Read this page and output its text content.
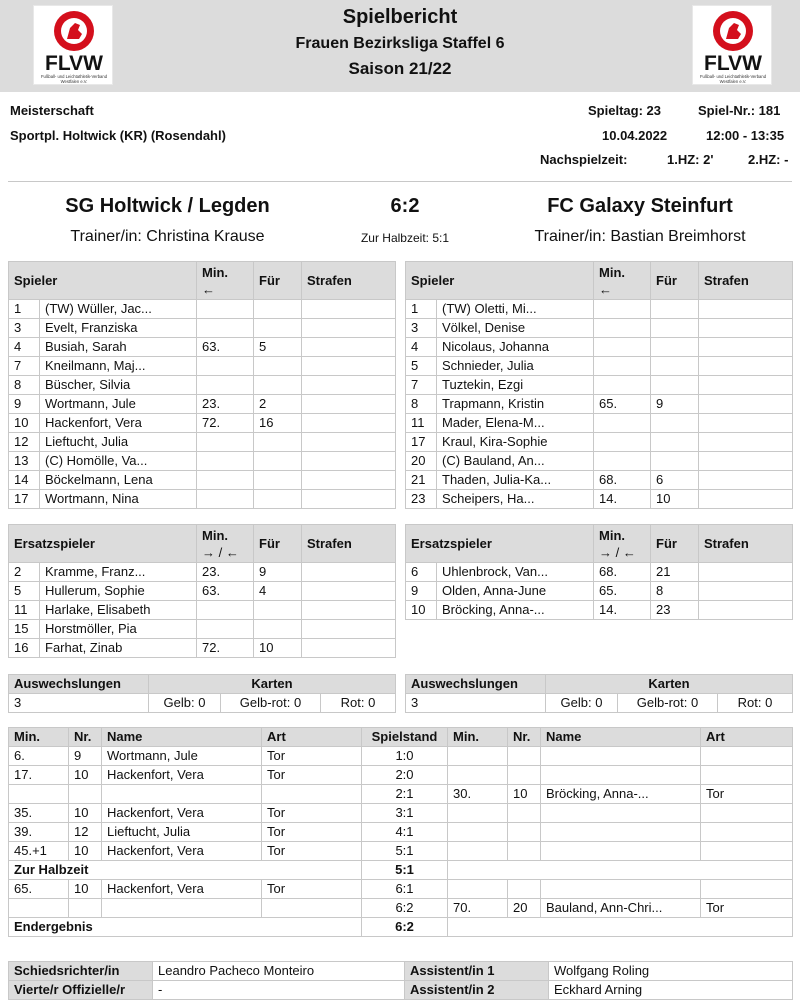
FLVW
Fußball- und Leichtathletik-Verband
Westfalen e.V.
FLVW
Fußball- und Leichtathletik-Verband
Westfalen e.V.
Spielbericht
Frauen Bezirksliga Staffel 6
Saison 21/22
Meisterschaft
Sportpl. Holtwick (KR) (Rosendahl)
Spieltag: 23	Spiel-Nr.: 181
10.04.2022	12:00 - 13:35
Nachspielzeit:	1.HZ: 2'	2.HZ: -
SG Holtwick / Legden	6:2	FC Galaxy Steinfurt
Trainer/in: Christina Krause	Zur Halbzeit: 5:1	Trainer/in: Bastian Breimhorst
Spieler		Min.
←	Für	Strafen
1	(TW) Wüller, Jac...			
3	Evelt, Franziska			
4	Busiah, Sarah	63.	5	
7	Kneilmann, Maj...			
8	Büscher, Silvia			
9	Wortmann, Jule	23.	2	
10	Hackenfort, Vera	72.	16	
12	Lieftucht, Julia			
13	(C) Homölle, Va...			
14	Böckelmann, Lena			
17	Wortmann, Nina			
Spieler		Min.
←	Für	Strafen
1	(TW) Oletti, Mi...			
3	Völkel, Denise			
4	Nicolaus, Johanna			
5	Schnieder, Julia			
7	Tuztekin, Ezgi			
8	Trapmann, Kristin	65.	9	
11	Mader, Elena-M...			
17	Kraul, Kira-Sophie			
20	(C) Bauland, An...			
21	Thaden, Julia-Ka...	68.	6	
23	Scheipers, Ha...	14.	10	
Ersatzspieler		Min.
→ / ←	Für	Strafen
2	Kramme, Franz...	23.	9	
5	Hullerum, Sophie	63.	4	
11	Harlake, Elisabeth			
15	Horstmöller, Pia			
16	Farhat, Zinab	72.	10	
Ersatzspieler		Min.
→ / ←	Für	Strafen
6	Uhlenbrock, Van...	68.	21	
9	Olden, Anna-June	65.	8	
10	Bröcking, Anna-...	14.	23	
Auswechslungen	Karten		
3	Gelb: 0	Gelb-rot: 0	Rot: 0
Auswechslungen	Karten		
3	Gelb: 0	Gelb-rot: 0	Rot: 0
Min.	Nr.	Name	Art	Spielstand	Min.	Nr.	Name	Art
6.	9	Wortmann, Jule	Tor	1:0				
17.	10	Hackenfort, Vera	Tor	2:0				
				2:1	30.	10	Bröcking, Anna-...	Tor
35.	10	Hackenfort, Vera	Tor	3:1				
39.	12	Lieftucht, Julia	Tor	4:1				
45.+1	10	Hackenfort, Vera	Tor	5:1				
Zur Halbzeit				5:1				
65.	10	Hackenfort, Vera	Tor	6:1				
				6:2	70.	20	Bauland, Ann-Chri...	Tor
Endergebnis				6:2				
Schiedsrichter/in	Leandro Pacheco Monteiro	Assistent/in 1	Wolfgang Roling
Vierte/r Offizielle/r	-	Assistent/in 2	Eckhard Arning
